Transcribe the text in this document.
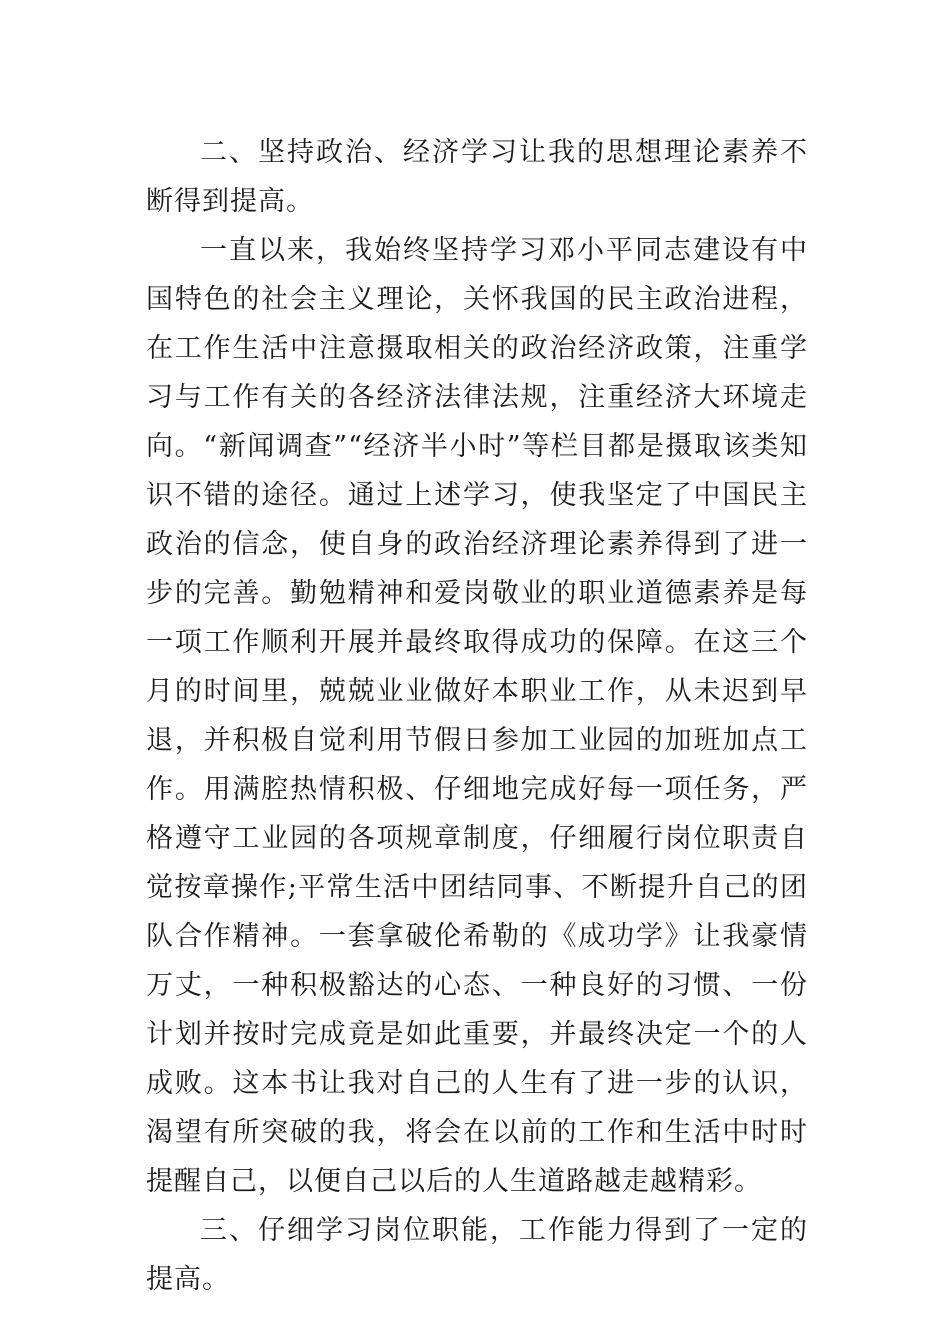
二、坚持政治、经济学习让我的思想理论素养不断得到提高。

一直以来，我始终坚持学习邓小平同志建设有中国特色的社会主义理论，关怀我国的民主政治进程，在工作生活中注意摄取相关的政治经济政策，注重学习与工作有关的各经济法律法规，注重经济大环境走向。“新闻调查”“经济半小时”等栏目都是摄取该类知识不错的途径。通过上述学习，使我坚定了中国民主政治的信念，使自身的政治经济理论素养得到了进一步的完善。勤勉精神和爱岗敬业的职业道德素养是每一项工作顺利开展并最终取得成功的保障。在这三个月的时间里，兢兢业业做好本职业工作，从未迟到早退，并积极自觉利用节假日参加工业园的加班加点工作。用满腔热情积极、仔细地完成好每一项任务，严格遵守工业园的各项规章制度，仔细履行岗位职责自觉按章操作;平常生活中团结同事、不断提升自己的团队合作精神。一套拿破伦希勒的《成功学》让我豪情万丈，一种积极豁达的心态、一种良好的习惯、一份计划并按时完成竟是如此重要，并最终决定一个的人成败。这本书让我对自己的人生有了进一步的认识，渴望有所突破的我，将会在以前的工作和生活中时时提醒自己，以便自己以后的人生道路越走越精彩。

三、仔细学习岗位职能，工作能力得到了一定的提高。
